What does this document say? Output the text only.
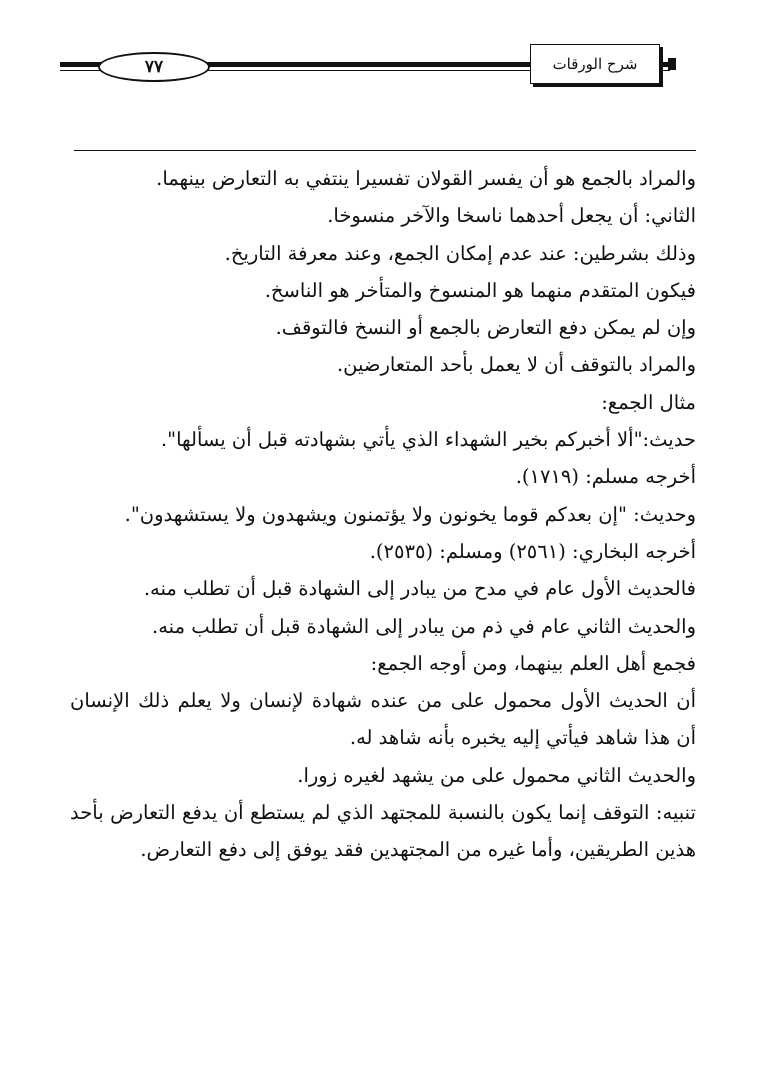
٧٧	شرح الورقات
والمراد بالجمع هو أن يفسر القولان تفسيرا ينتفي به التعارض بينهما.
الثاني: أن يجعل أحدهما ناسخا والآخر منسوخا.
وذلك بشرطين: عند عدم إمكان الجمع، وعند معرفة التاريخ.
فيكون المتقدم منهما هو المنسوخ والمتأخر هو الناسخ.
وإن لم يمكن دفع التعارض بالجمع أو النسخ فالتوقف.
والمراد بالتوقف أن لا يعمل بأحد المتعارضين.
مثال الجمع:
حديث:"ألا أخبركم بخير الشهداء الذي يأتي بشهادته قبل أن يسألها".
أخرجه مسلم: (١٧١٩).
وحديث: "إن بعدكم قوما يخونون ولا يؤتمنون ويشهدون ولا يستشهدون".
أخرجه البخاري: (٢٥٦١) ومسلم: (٢٥٣٥).
فالحديث الأول عام في مدح من يبادر إلى الشهادة قبل أن تطلب منه.
والحديث الثاني عام في ذم من يبادر إلى الشهادة قبل أن تطلب منه.
فجمع أهل العلم بينهما، ومن أوجه الجمع:
أن الحديث الأول محمول على من عنده شهادة لإنسان ولا يعلم ذلك الإنسان
أن هذا شاهد فيأتي إليه يخبره بأنه شاهد له.
والحديث الثاني محمول على من يشهد لغيره زورا.
تنبيه: التوقف إنما يكون بالنسبة للمجتهد الذي لم يستطع أن يدفع التعارض بأحد
هذين الطريقين، وأما غيره من المجتهدين فقد يوفق إلى دفع التعارض.
